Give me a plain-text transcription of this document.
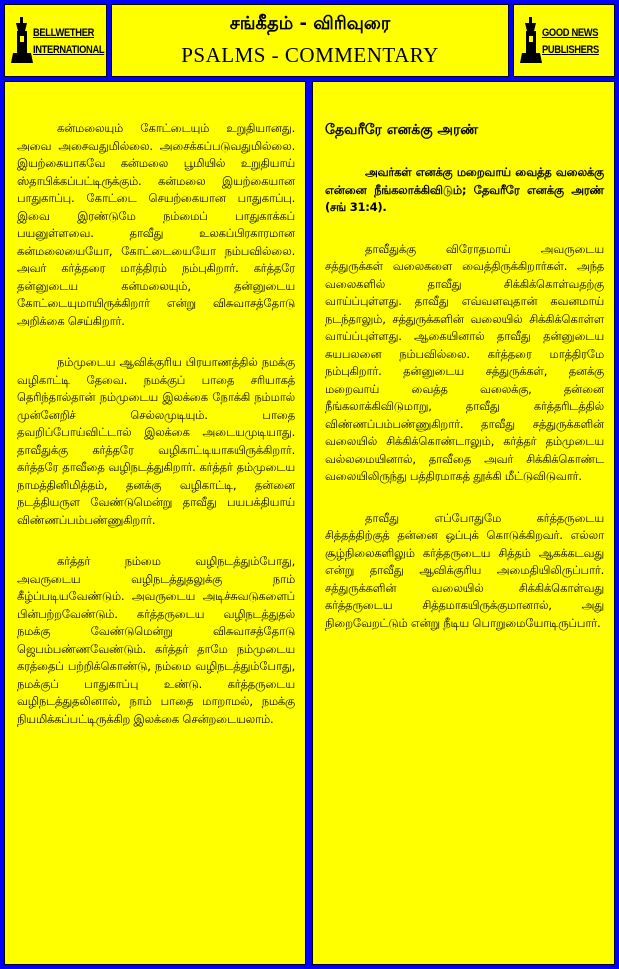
BELLWETHER
INTERNATIONAL
சங்கீதம் - விரிவுரை
PSALMS - COMMENTARY
GOOD NEWS
PUBLISHERS

கன்மலையும் கோட்டையும் உறுதியானது. அவை அசைவதுமில்லை. அசைக்கப்படுவதுமில்லை. இயற்கையாகவே கன்மலை பூமியில் உறுதியாய் ஸ்தாபிக்கப்பட்டிருக்கும். கன்மலை இயற்கையான பாதுகாப்பு. கோட்டை செயற்கையான பாதுகாப்பு. இவை இரண்டுமே நம்மைப் பாதுகாக்கப் பயனுள்ளவை. தாவீது உலகப்பிரகாரமான கன்மலையையோ, கோட்டையையோ நம்பவில்லை. அவர் கர்த்தரை மாத்திரம் நம்புகிறார். கர்த்தரே தன்னுடைய கன்மலையும், தன்னுடைய கோட்டையுமாயிருக்கிறார் என்று விசுவாசத்தோடு அறிக்கை செய்கிறார்.

நம்முடைய ஆவிக்குரிய பிரயாணத்தில் நமக்கு வழிகாட்டி தேவை. நமக்குப் பாதை சரியாகத் தெரிந்தால்தான் நம்முடைய இலக்கை நோக்கி நம்மால் முன்னேறிச் செல்லமுடியும். பாதை தவறிப்போய்விட்டால் இலக்கை அடையமுடியாது. தாவீதுக்கு கர்த்தரே வழிகாட்டியாகயிருக்கிறார். கர்த்தரே தாவீதை வழிநடத்துகிறார். கர்த்தர் தம்முடைய நாமத்தினிமித்தம், தனக்கு வழிகாட்டி, தன்னை நடத்தியருள வேண்டுமென்று தாவீது பயபக்தியாய் விண்ணப்பம்பண்ணுகிறார்.

கர்த்தர் நம்மை வழிநடத்தும்போது, அவருடைய வழிநடத்துதலுக்கு நாம் கீழ்ப்படியவேண்டும். அவருடைய அடிச்சுவடுகளைப் பின்பற்றவேண்டும். கர்த்தருடைய வழிநடத்துதல் நமக்கு வேண்டுமென்று விசுவாசத்தோடு ஜெபம்பண்ணவேண்டும். கர்த்தர் தாமே நம்முடைய கரத்தைப் பற்றிக்கொண்டு, நம்மை வழிநடத்தும்போது, நமக்குப் பாதுகாப்பு உண்டு. கர்த்தருடைய வழிநடத்துதலினால், நாம் பாதை மாறாமல், நமக்கு நியமிக்கப்பட்டிருக்கிற இலக்கை சென்றடையலாம்.

தேவரீரே எனக்கு அரண்

அவர்கள் எனக்கு மறைவாய் வைத்த வலைக்கு என்னை நீங்கலாக்கிவிடும்; தேவரீரே எனக்கு அரண் (சங் 31:4).

தாவீதுக்கு விரோதமாய் அவருடைய சத்துருக்கள் வலைகளை வைத்திருக்கிறார்கள். அந்த வலைகளில் தாவீது சிக்கிக்கொள்வதற்கு வாய்ப்புள்ளது. தாவீது எவ்வளவுதான் கவனமாய் நடந்தாலும், சத்துருக்களின் வலையில் சிக்கிக்கொள்ள வாய்ப்புள்ளது. ஆகையினால் தாவீது தன்னுடைய சுயபலனை நம்பவில்லை. கர்த்தரை மாத்திரமே நம்புகிறார். தன்னுடைய சத்துருக்கள், தனக்கு மறைவாய் வைத்த வலைக்கு, தன்னை நீங்கலாக்கிவிடுமாறு, தாவீது கர்த்தரிடத்தில் விண்ணப்பம்பண்ணுகிறார். தாவீது சத்துருக்களின் வலையில் சிக்கிக்கொண்டாலும், கர்த்தர் தம்முடைய வல்லமையினால், தாவீதை அவர் சிக்கிக்கொண்ட வலையிலிருந்து பத்திரமாகத் தூக்கி மீட்டுவிடுவார்.

தாவீது எப்போதுமே கர்த்தருடைய சித்தத்திற்குத் தன்னை ஒப்புக் கொடுக்கிறவர். எல்லா சூழ்நிலைகளிலும் கர்த்தருடைய சித்தம் ஆகக்கடவது என்று தாவீது ஆவிக்குரிய அமைதியிலிருப்பார். சத்துருக்களின் வலையில் சிக்கிக்கொள்வது கர்த்தருடைய சித்தமாகயிருக்குமானால், அது நிறைவேறட்டும் என்று நீடிய பொறுமையோடிருப்பார்.
